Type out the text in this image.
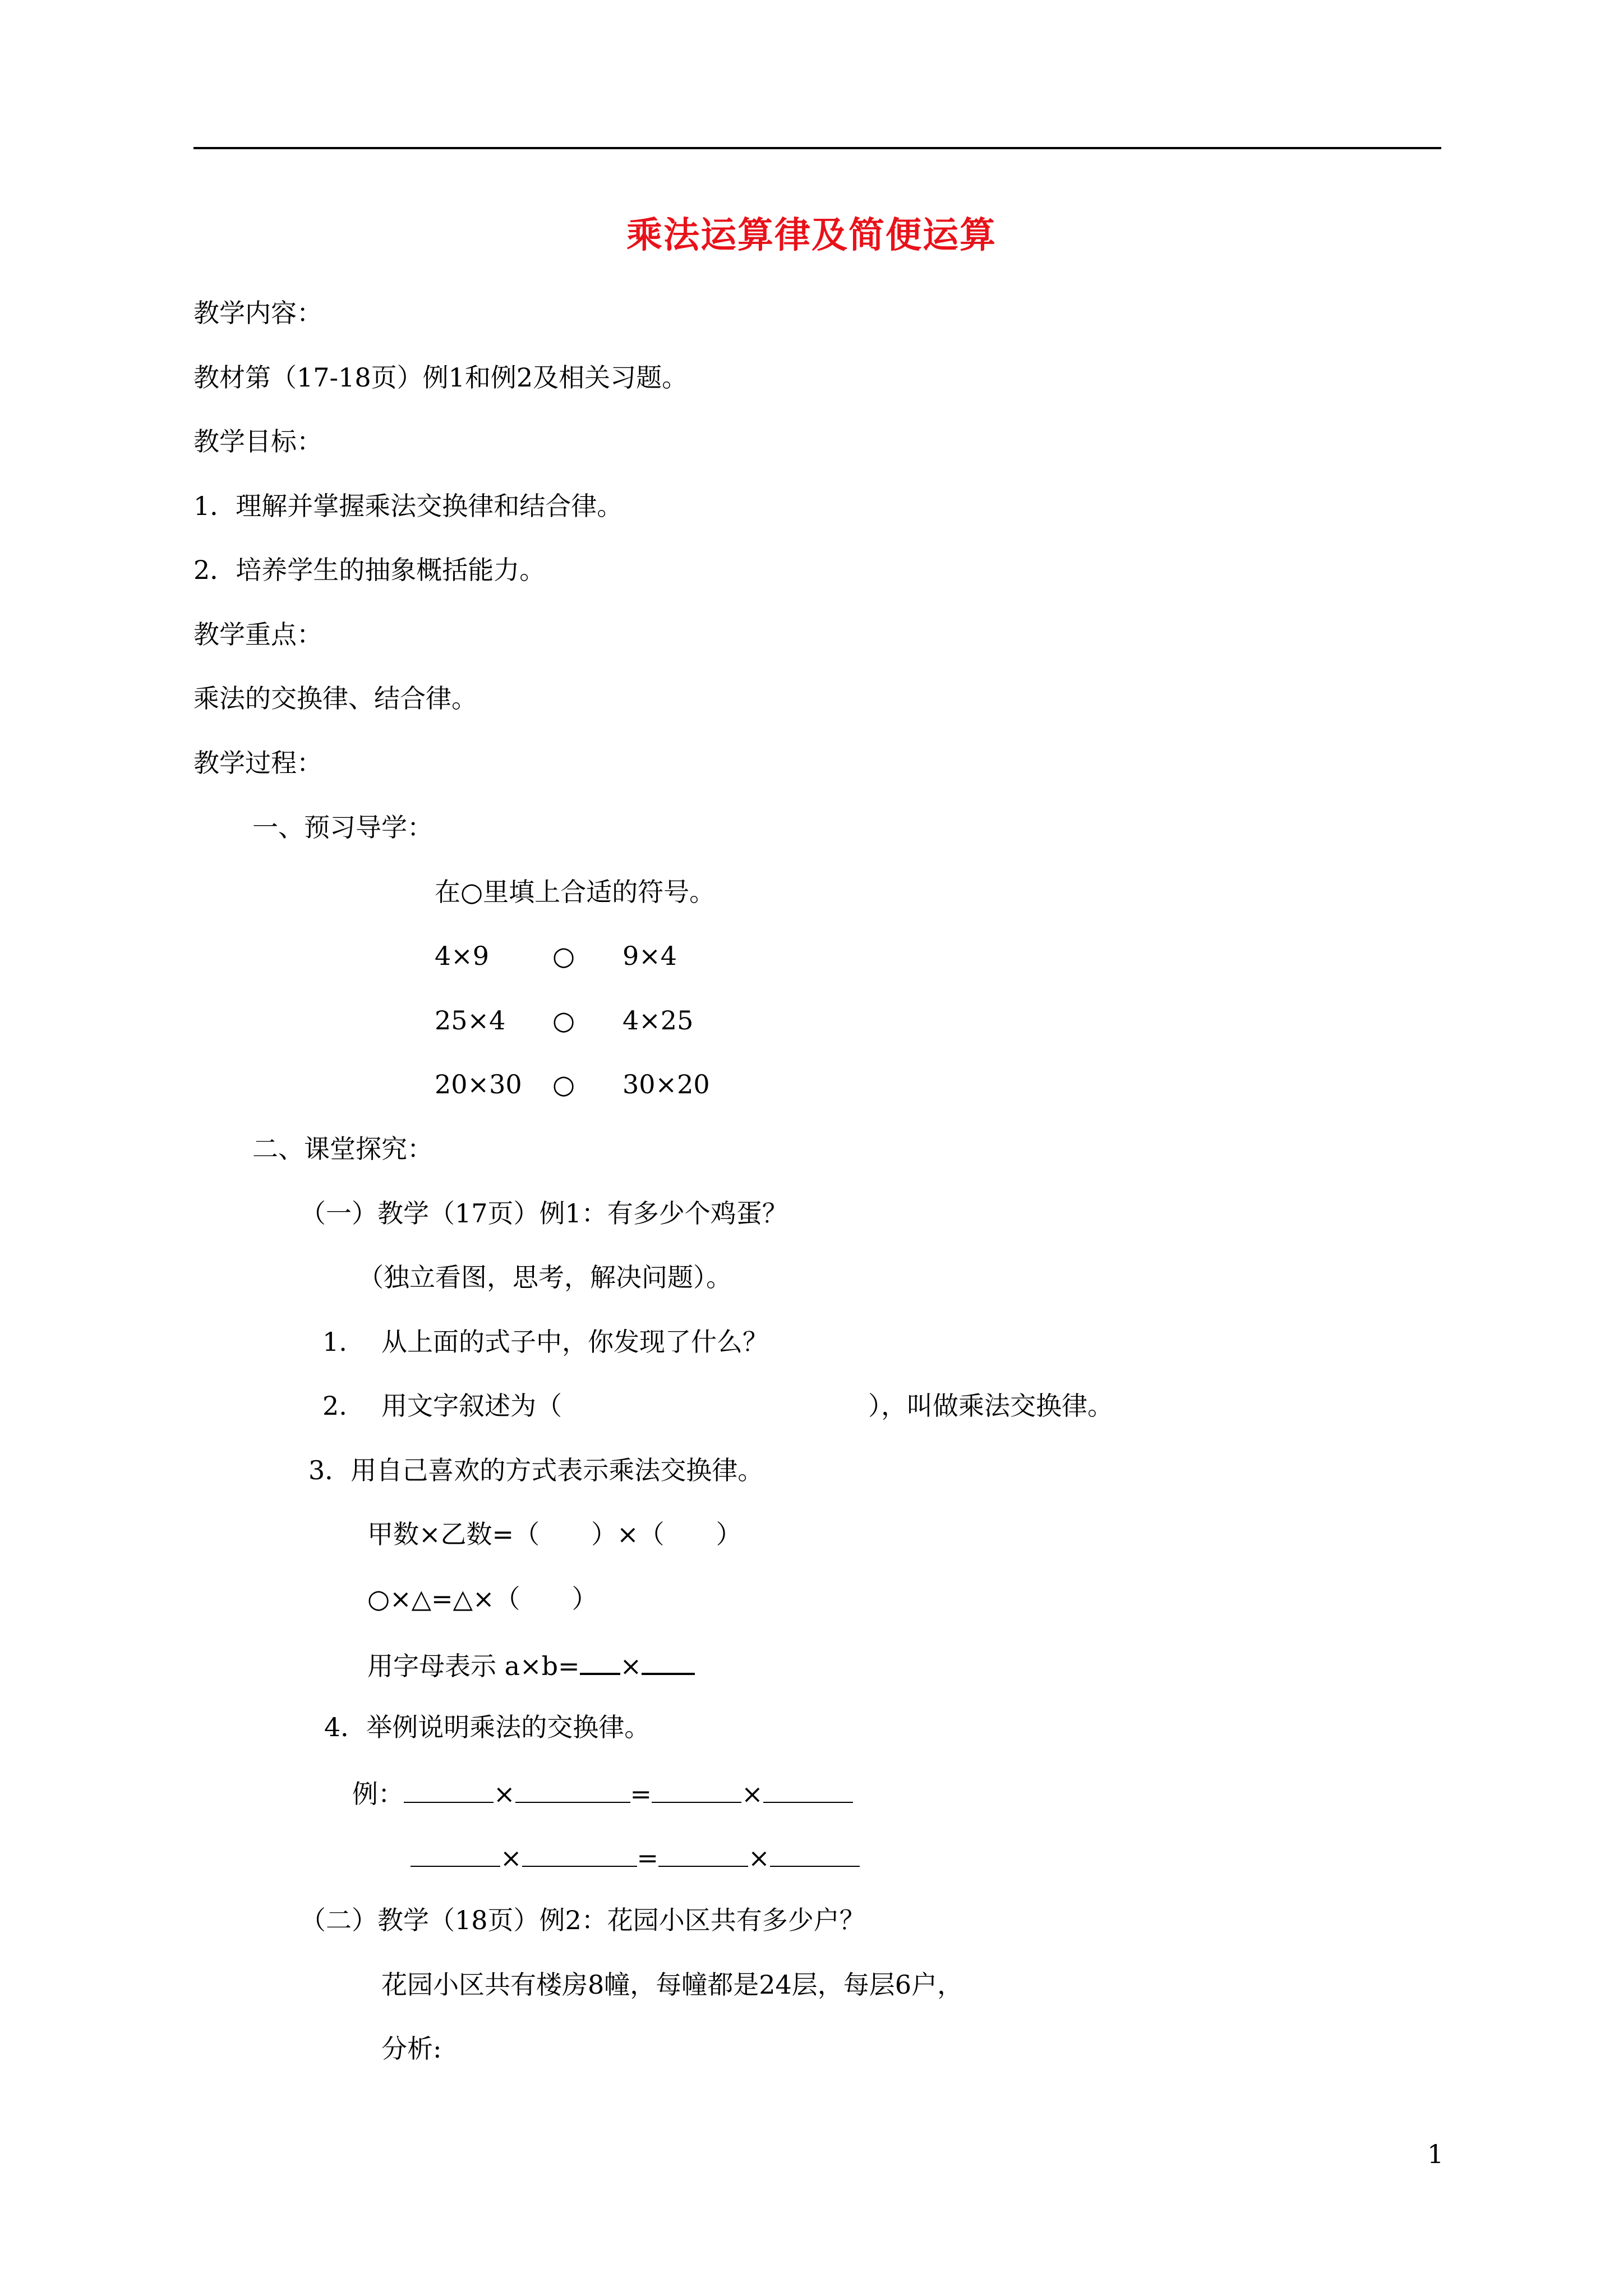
乘法运算律及简便运算
教学内容：
教材第（17-18页）例1和例2及相关习题。
教学目标：
1．理解并掌握乘法交换律和结合律。
2．培养学生的抽象概括能力。
教学重点：
乘法的交换律、结合律。
教学过程：
一、预习导学：
在○里填上合适的符号。
4×9 ○ 9×4
25×4 ○ 4×25
20×30 ○ 30×20
二、课堂探究：
（一）教学（17页）例1：有多少个鸡蛋？
（独立看图，思考，解决问题）。
1. 从上面的式子中，你发现了什么？
2. 用文字叙述为（	），叫做乘法交换律。
3．用自己喜欢的方式表示乘法交换律。
甲数×乙数=（　　）×（　　）
○×△=△×（　　）
用字母表示 a×b= ×
4．举例说明乘法的交换律。
例：	×	=	×
×	=	×
（二）教学（18页）例2：花园小区共有多少户？
花园小区共有楼房8幢，每幢都是24层，每层6户，
分析:
1
